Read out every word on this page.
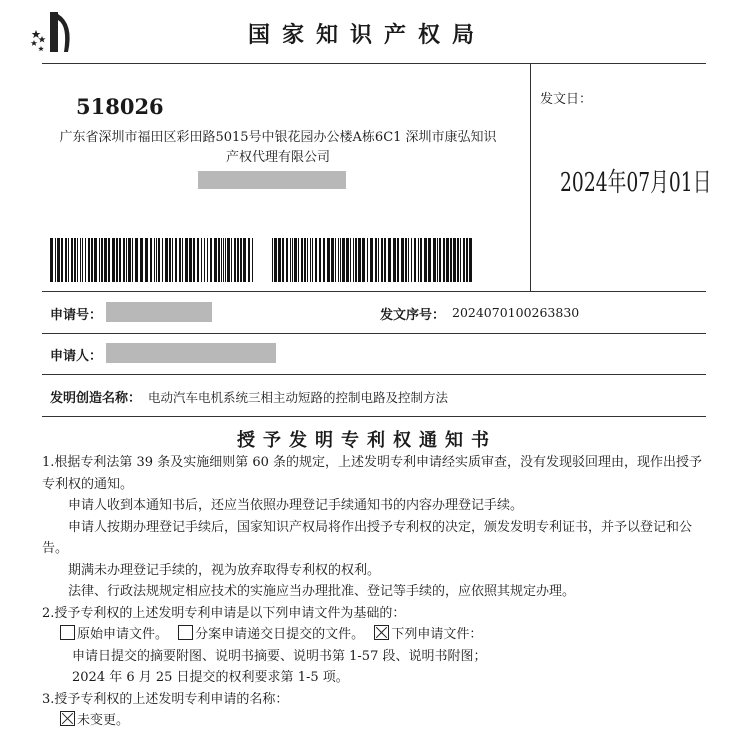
国家知识产权局
518026
广东省深圳市福田区彩田路5015号中银花园办公楼A栋6C1 深圳市康弘知识产权代理有限公司
发文日：
2024年07月01日
申请号：	发文序号： 2024070100263830
申请人：
发明创造名称： 电动汽车电机系统三相主动短路的控制电路及控制方法
授予发明专利权通知书

1.根据专利法第 39 条及实施细则第 60 条的规定，上述发明专利申请经实质审查，没有发现驳回理由，现作出授予专利权的通知。

申请人收到本通知书后，还应当依照办理登记手续通知书的内容办理登记手续。

申请人按期办理登记手续后，国家知识产权局将作出授予专利权的决定，颁发发明专利证书，并予以登记和公告。

期满未办理登记手续的，视为放弃取得专利权的权利。

法律、行政法规规定相应技术的实施应当办理批准、登记等手续的，应依照其规定办理。

2.授予专利权的上述发明专利申请是以下列申请文件为基础的：

原始申请文件。 分案申请递交日提交的文件。 下列申请文件：

申请日提交的摘要附图、说明书摘要、说明书第 1-57 段、说明书附图；

2024 年 6 月 25 日提交的权利要求第 1-5 项。

3.授予专利权的上述发明专利申请的名称：

未变更。
